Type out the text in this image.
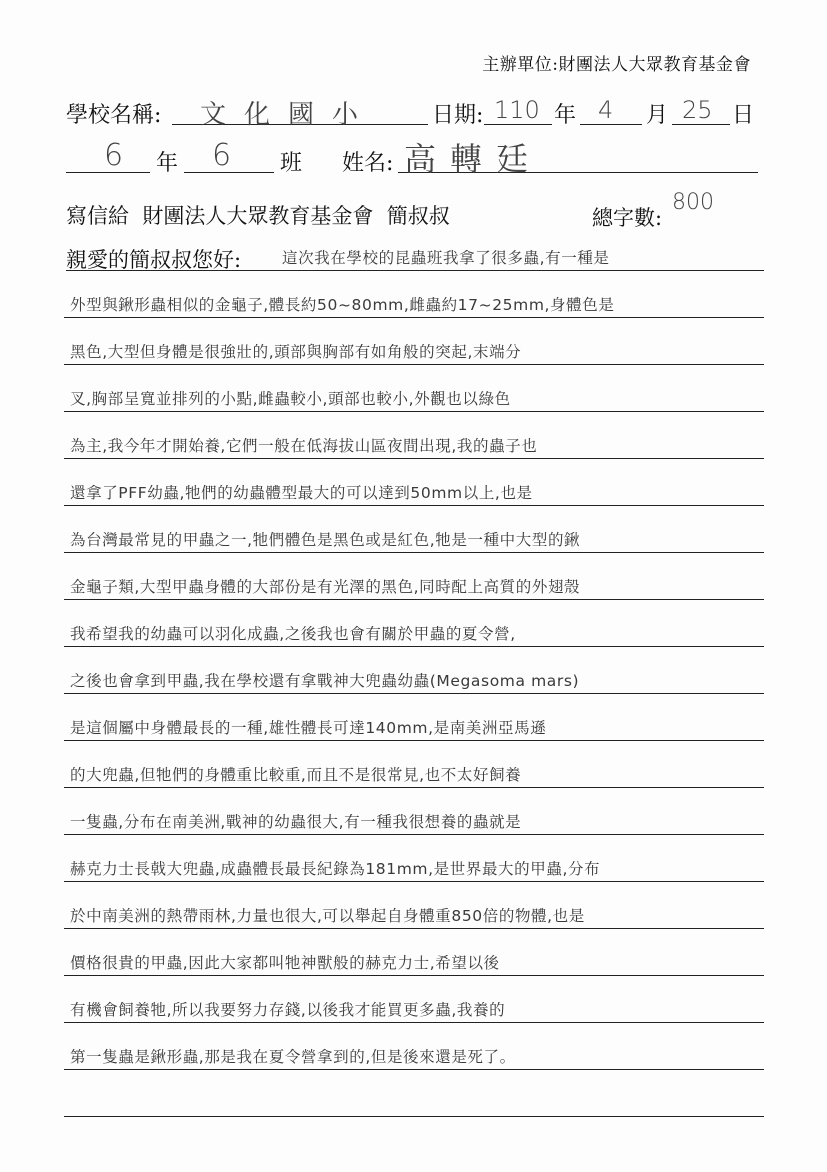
主辦單位:財團法人大眾教育基金會
學校名稱: 文化國小	日期: 110 年 4 月 25 日
6 年 6 班 姓名: 高轉廷
寫信給  財團法人大眾教育基金會  簡叔叔	總字數:
800
親愛的簡叔叔您好:	這次我在學校的昆蟲班我拿了很多蟲,有一種是
外型與鍬形蟲相似的金龜子,體長約50~80mm,雌蟲約17~25mm,身體色是
黑色,大型但身體是很強壯的,頭部與胸部有如角般的突起,末端分
叉,胸部呈寬並排列的小點,雌蟲較小,頭部也較小,外觀也以綠色
為主,我今年才開始養,它們一般在低海拔山區夜間出現,我的蟲子也
還拿了PFF幼蟲,牠們的幼蟲體型最大的可以達到50mm以上,也是
為台灣最常見的甲蟲之一,牠們體色是黑色或是紅色,牠是一種中大型的鍬
金龜子類,大型甲蟲身體的大部份是有光澤的黑色,同時配上高質的外翅殼
我希望我的幼蟲可以羽化成蟲,之後我也會有關於甲蟲的夏令營,
之後也會拿到甲蟲,我在學校還有拿戰神大兜蟲幼蟲(Megasoma mars)
是這個屬中身體最長的一種,雄性體長可達140mm,是南美洲亞馬遜
的大兜蟲,但牠們的身體重比較重,而且不是很常見,也不太好飼養
一隻蟲,分布在南美洲,戰神的幼蟲很大,有一種我很想養的蟲就是
赫克力士長戟大兜蟲,成蟲體長最長紀錄為181mm,是世界最大的甲蟲,分布
於中南美洲的熱帶雨林,力量也很大,可以舉起自身體重850倍的物體,也是
價格很貴的甲蟲,因此大家都叫牠神獸般的赫克力士,希望以後
有機會飼養牠,所以我要努力存錢,以後我才能買更多蟲,我養的
第一隻蟲是鍬形蟲,那是我在夏令營拿到的,但是後來還是死了。
